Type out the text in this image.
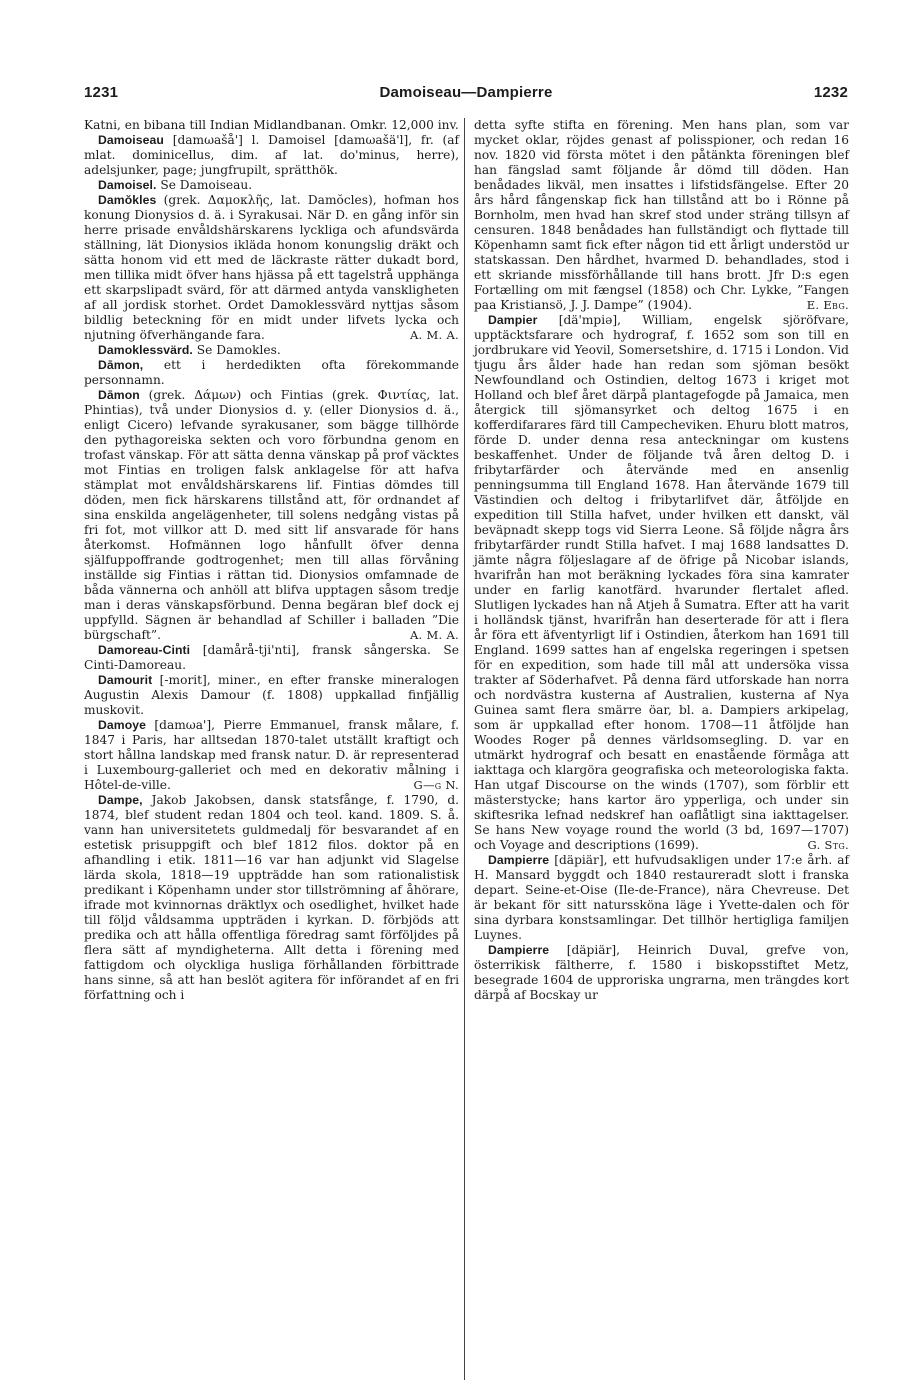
1231	Damoiseau—Dampierre	1232

Katni, en bibana till Indian Midlandbanan. Omkr. 12,000 inv.

Damoiseau [damωašå'] l. Damoisel [damωašä'l], fr. (af mlat. dominicellus, dim. af lat. do'minus, herre), adelsjunker, page; jungfrupilt, sprätthök.

Damoisel. Se Damoiseau.

Damŏkles (grek. Δαμοκλῆς, lat. Damŏcles), hofman hos konung Dionysios d. ä. i Syrakusai. När D. en gång inför sin herre prisade envåldshärskarens lyckliga och afundsvärda ställning, lät Dionysios ikläda honom konungslig dräkt och sätta honom vid ett med de läckraste rätter dukadt bord, men tillika midt öfver hans hjässa på ett tagelstrå upphänga ett skarpslipadt svärd, för att därmed antyda vanskligheten af all jordisk storhet. Ordet Damoklessvärd nyttjas såsom bildlig beteckning för en midt under lifvets lycka och njutning öfverhängande fara.	A. M. A.

Damoklessvärd. Se Damokles.

Dāmon, ett i herdedikten ofta förekommande personnamn.

Dāmon (grek. Δάμων) och Fintias (grek. Φιντίας, lat. Phintias), två under Dionysios d. y. (eller Dionysios d. ä., enligt Cicero) lefvande syrakusaner, som bägge tillhörde den pythagoreiska sekten och voro förbundna genom en trofast vänskap. För att sätta denna vänskap på prof väcktes mot Fintias en troligen falsk anklagelse för att hafva stämplat mot envåldshärskarens lif. Fintias dömdes till döden, men fick härskarens tillstånd att, för ordnandet af sina enskilda angelägenheter, till solens nedgång vistas på fri fot, mot villkor att D. med sitt lif ansvarade för hans återkomst. Hofmännen logo hånfullt öfver denna själfuppoffrande godtrogenhet; men till allas förvåning inställde sig Fintias i rättan tid. Dionysios omfamnade de båda vännerna och anhöll att blifva upptagen såsom tredje man i deras vänskapsförbund. Denna begäran blef dock ej uppfylld. Sägnen är behandlad af Schiller i balladen ”Die bürgschaft”.	A. M. A.

Damoreau-Cinti [damårå-tji'nti], fransk sångerska. Se Cinti-Damoreau.

Damourit [-morit], miner., en efter franske mineralogen Augustin Alexis Damour (f. 1808) uppkallad finfjällig muskovit.

Damoye [damωa'], Pierre Emmanuel, fransk målare, f. 1847 i Paris, har alltsedan 1870-talet utställt kraftigt och stort hållna landskap med fransk natur. D. är representerad i Luxembourg-galleriet och med en dekorativ målning i Hôtel-de-ville.	G—g N.

Dampe, Jakob Jakobsen, dansk statsfånge, f. 1790, d. 1874, blef student redan 1804 och teol. kand. 1809. S. å. vann han universitetets guldmedalj för besvarandet af en estetisk prisuppgift och blef 1812 filos. doktor på en afhandling i etik. 1811—16 var han adjunkt vid Slagelse lärda skola, 1818—19 uppträdde han som rationalistisk predikant i Köpenhamn under stor tillströmning af åhörare, ifrade mot kvinnornas dräktlyx och osedlighet, hvilket hade till följd våldsamma uppträden i kyrkan. D. förbjöds att predika och att hålla offentliga föredrag samt förföljdes på flera sätt af myndigheterna. Allt detta i förening med fattigdom och olyckliga husliga förhållanden förbittrade hans sinne, så att han beslöt agitera för införandet af en fri författning och i

detta syfte stifta en förening. Men hans plan, som var mycket oklar, röjdes genast af polisspioner, och redan 16 nov. 1820 vid första mötet i den påtänkta föreningen blef han fängslad samt följande år dömd till döden. Han benådades likväl, men insattes i lifstidsfängelse. Efter 20 års hård fångenskap fick han tillstånd att bo i Rönne på Bornholm, men hvad han skref stod under sträng tillsyn af censuren. 1848 benådades han fullständigt och flyttade till Köpenhamn samt fick efter någon tid ett årligt understöd ur statskassan. Den hårdhet, hvarmed D. behandlades, stod i ett skriande missförhållande till hans brott. Jfr D:s egen Fortælling om mit fængsel (1858) och Chr. Lykke, ”Fangen paa Kristiansö, J. J. Dampe” (1904).	E. Ebg.

Dampier [dä'mpiə], William, engelsk sjöröfvare, upptäcktsfarare och hydrograf, f. 1652 som son till en jordbrukare vid Yeovil, Somersetshire, d. 1715 i London. Vid tjugu års ålder hade han redan som sjöman besökt Newfoundland och Ostindien, deltog 1673 i kriget mot Holland och blef året därpå plantagefogde på Jamaica, men återgick till sjömansyrket och deltog 1675 i en kofferdifarares färd till Campecheviken. Ehuru blott matros, förde D. under denna resa anteckningar om kustens beskaffenhet. Under de följande två åren deltog D. i fribytarfärder och återvände med en ansenlig penningsumma till England 1678. Han återvände 1679 till Västindien och deltog i fribytarlifvet där, åtföljde en expedition till Stilla hafvet, under hvilken ett danskt, väl beväpnadt skepp togs vid Sierra Leone. Så följde några års fribytarfärder rundt Stilla hafvet. I maj 1688 landsattes D. jämte några följeslagare af de öfrige på Nicobar islands, hvarifrån han mot beräkning lyckades föra sina kamrater under en farlig kanotfärd. hvarunder flertalet afled. Slutligen lyckades han nå Atjeh å Sumatra. Efter att ha varit i holländsk tjänst, hvarifrån han deserterade för att i flera år föra ett äfventyrligt lif i Ostindien, återkom han 1691 till England. 1699 sattes han af engelska regeringen i spetsen för en expedition, som hade till mål att undersöka vissa trakter af Söderhafvet. På denna färd utforskade han norra och nordvästra kusterna af Australien, kusterna af Nya Guinea samt flera smärre öar, bl. a. Dampiers arkipelag, som är uppkallad efter honom. 1708—11 åtföljde han Woodes Roger på dennes världsomsegling. D. var en utmärkt hydrograf och besatt en enastående förmåga att iakttaga och klargöra geografiska och meteorologiska fakta. Han utgaf Discourse on the winds (1707), som förblir ett mästerstycke; hans kartor äro ypperliga, och under sin skiftesrika lefnad nedskref han oaflåtligt sina iakttagelser. Se hans New voyage round the world (3 bd, 1697—1707) och Voyage and descriptions (1699).	G. Stg.

Dampierre [däpiär], ett hufvudsakligen under 17:e årh. af H. Mansard byggdt och 1840 restaureradt slott i franska depart. Seine-et-Oise (Ile-de-France), nära Chevreuse. Det är bekant för sitt naturssköna läge i Yvette-dalen och för sina dyrbara konstsamlingar. Det tillhör hertigliga familjen Luynes.

Dampierre [däpiär], Heinrich Duval, grefve von, österrikisk fältherre, f. 1580 i biskopsstiftet Metz, besegrade 1604 de upproriska ungrarna, men trängdes kort därpå af Bocskay ur
